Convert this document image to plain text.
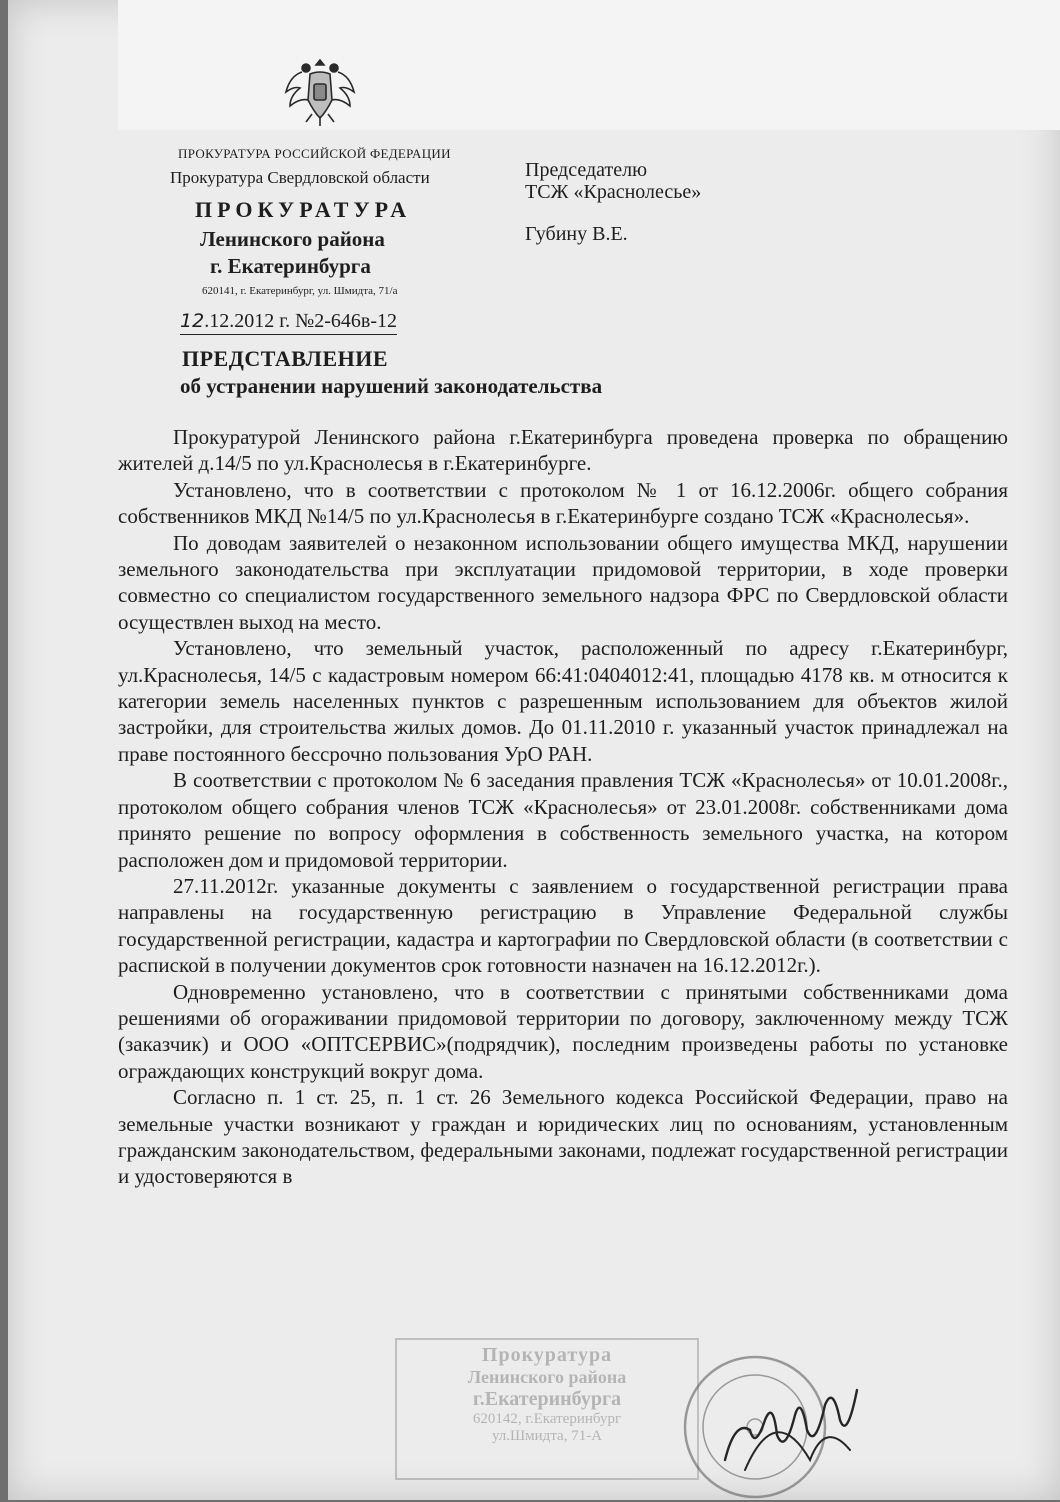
ПРОКУРАТУРА РОССИЙСКОЙ ФЕДЕРАЦИИ
Прокуратура Свердловской области
ПРОКУРАТУРА
Ленинского района
г. Екатеринбурга
620141, г. Екатеринбург, ул. Шмидта, 71/а
12.12.2012 г. №2-646в-12
Председателю
ТСЖ «Краснолесье»
Губину В.Е.
ПРЕДСТАВЛЕНИЕ
об устранении нарушений законодательства

Прокуратурой Ленинского района г.Екатеринбурга проведена проверка по обращению жителей д.14/5 по ул.Краснолесья в г.Екатеринбурге.

Установлено, что в соответствии с протоколом № 1 от 16.12.2006г. общего собрания собственников МКД №14/5 по ул.Краснолесья в г.Екатеринбурге создано ТСЖ «Краснолесья».

По доводам заявителей о незаконном использовании общего имущества МКД, нарушении земельного законодательства при эксплуатации придомовой территории, в ходе проверки совместно со специалистом государственного земельного надзора ФРС по Свердловской области осуществлен выход на место.

Установлено, что земельный участок, расположенный по адресу г.Екатеринбург, ул.Краснолесья, 14/5 с кадастровым номером 66:41:0404012:41, площадью 4178 кв. м относится к категории земель населенных пунктов с разрешенным использованием для объектов жилой застройки, для строительства жилых домов. До 01.11.2010 г. указанный участок принадлежал на праве постоянного бессрочно пользования УрО РАН.

В соответствии с протоколом № 6 заседания правления ТСЖ «Краснолесья» от 10.01.2008г., протоколом общего собрания членов ТСЖ «Краснолесья» от 23.01.2008г. собственниками дома принято решение по вопросу оформления в собственность земельного участка, на котором расположен дом и придомовой территории.

27.11.2012г. указанные документы с заявлением о государственной регистрации права направлены на государственную регистрацию в Управление Федеральной службы государственной регистрации, кадастра и картографии по Свердловской области (в соответствии с распиской в получении документов срок готовности назначен на 16.12.2012г.).

Одновременно установлено, что в соответствии с принятыми собственниками дома решениями об огораживании придомовой территории по договору, заключенному между ТСЖ (заказчик) и ООО «ОПТСЕРВИС»(подрядчик), последним произведены работы по установке ограждающих конструкций вокруг дома.

Согласно п. 1 ст. 25, п. 1 ст. 26 Земельного кодекса Российской Федерации, право на земельные участки возникают у граждан и юридических лиц по основаниям, установленным гражданским законодательством, федеральными законами, подлежат государственной регистрации и удостоверяются в

Прокуратура
Ленинского района
г.Екатеринбурга
620142, г.Екатеринбург
ул.Шмидта, 71-А
